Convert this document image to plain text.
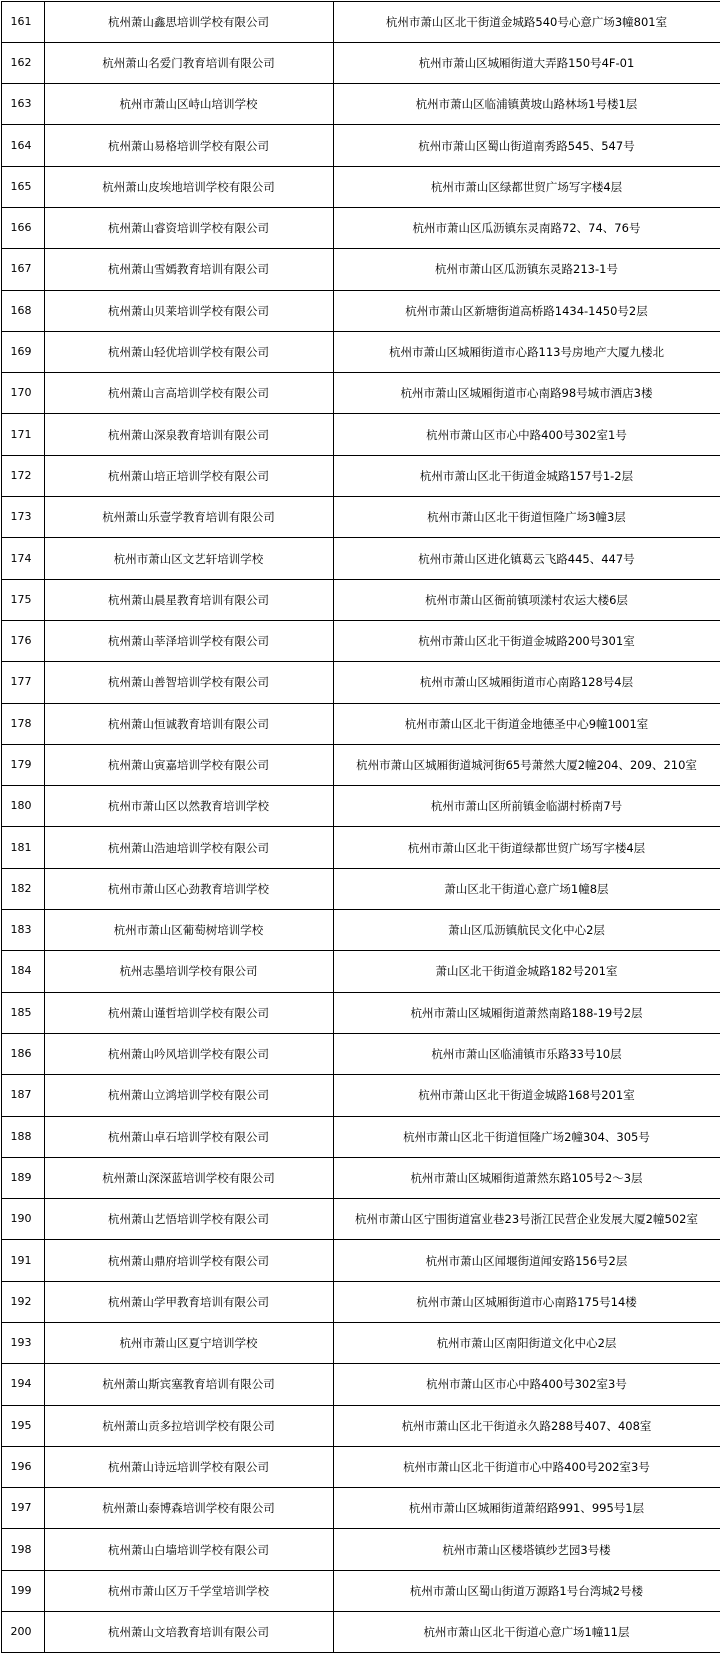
161	杭州萧山鑫思培训学校有限公司	杭州市萧山区北干街道金城路540号心意广场3幢801室
162	杭州萧山名爱门教育培训有限公司	杭州市萧山区城厢街道大弄路150号4F-01
163	杭州市萧山区峙山培训学校	杭州市萧山区临浦镇黄坡山路林场1号楼1层
164	杭州萧山易格培训学校有限公司	杭州市萧山区蜀山街道南秀路545、547号
165	杭州萧山皮埃地培训学校有限公司	杭州市萧山区绿都世贸广场写字楼4层
166	杭州萧山睿资培训学校有限公司	杭州市萧山区瓜沥镇东灵南路72、74、76号
167	杭州萧山雪嫣教育培训有限公司	杭州市萧山区瓜沥镇东灵路213-1号
168	杭州萧山贝莱培训学校有限公司	杭州市萧山区新塘街道高桥路1434-1450号2层
169	杭州萧山轻优培训学校有限公司	杭州市萧山区城厢街道市心路113号房地产大厦九楼北
170	杭州萧山言高培训学校有限公司	杭州市萧山区城厢街道市心南路98号城市酒店3楼
171	杭州萧山深泉教育培训有限公司	杭州市萧山区市心中路400号302室1号
172	杭州萧山培正培训学校有限公司	杭州市萧山区北干街道金城路157号1-2层
173	杭州萧山乐壹学教育培训有限公司	杭州市萧山区北干街道恒隆广场3幢3层
174	杭州市萧山区文艺轩培训学校	杭州市萧山区进化镇葛云飞路445、447号
175	杭州萧山晨星教育培训有限公司	杭州市萧山区衙前镇项漾村农运大楼6层
176	杭州萧山莘泽培训学校有限公司	杭州市萧山区北干街道金城路200号301室
177	杭州萧山善智培训学校有限公司	杭州市萧山区城厢街道市心南路128号4层
178	杭州萧山恒诚教育培训有限公司	杭州市萧山区北干街道金地德圣中心9幢1001室
179	杭州萧山寅嘉培训学校有限公司	杭州市萧山区城厢街道城河街65号萧然大厦2幢204、209、210室
180	杭州市萧山区以然教育培训学校	杭州市萧山区所前镇金临湖村桥南7号
181	杭州萧山浩迪培训学校有限公司	杭州市萧山区北干街道绿都世贸广场写字楼4层
182	杭州市萧山区心劲教育培训学校	萧山区北干街道心意广场1幢8层
183	杭州市萧山区葡萄树培训学校	萧山区瓜沥镇航民文化中心2层
184	杭州志墨培训学校有限公司	萧山区北干街道金城路182号201室
185	杭州萧山谨哲培训学校有限公司	杭州市萧山区城厢街道萧然南路188-19号2层
186	杭州萧山吟风培训学校有限公司	杭州市萧山区临浦镇市乐路33号10层
187	杭州萧山立鸿培训学校有限公司	杭州市萧山区北干街道金城路168号201室
188	杭州萧山卓石培训学校有限公司	杭州市萧山区北干街道恒隆广场2幢304、305号
189	杭州萧山深深蓝培训学校有限公司	杭州市萧山区城厢街道萧然东路105号2～3层
190	杭州萧山艺悟培训学校有限公司	杭州市萧山区宁围街道富业巷23号浙江民营企业发展大厦2幢502室
191	杭州萧山鼎府培训学校有限公司	杭州市萧山区闻堰街道闻安路156号2层
192	杭州萧山学甲教育培训有限公司	杭州市萧山区城厢街道市心南路175号14楼
193	杭州市萧山区夏宁培训学校	杭州市萧山区南阳街道文化中心2层
194	杭州萧山斯宾塞教育培训有限公司	杭州市萧山区市心中路400号302室3号
195	杭州萧山贡多拉培训学校有限公司	杭州市萧山区北干街道永久路288号407、408室
196	杭州萧山诗远培训学校有限公司	杭州市萧山区北干街道市心中路400号202室3号
197	杭州萧山泰博森培训学校有限公司	杭州市萧山区城厢街道萧绍路991、995号1层
198	杭州萧山白墙培训学校有限公司	杭州市萧山区楼塔镇纱艺园3号楼
199	杭州市萧山区万千学堂培训学校	杭州市萧山区蜀山街道万源路1号台湾城2号楼
200	杭州萧山文培教育培训有限公司	杭州市萧山区北干街道心意广场1幢11层
